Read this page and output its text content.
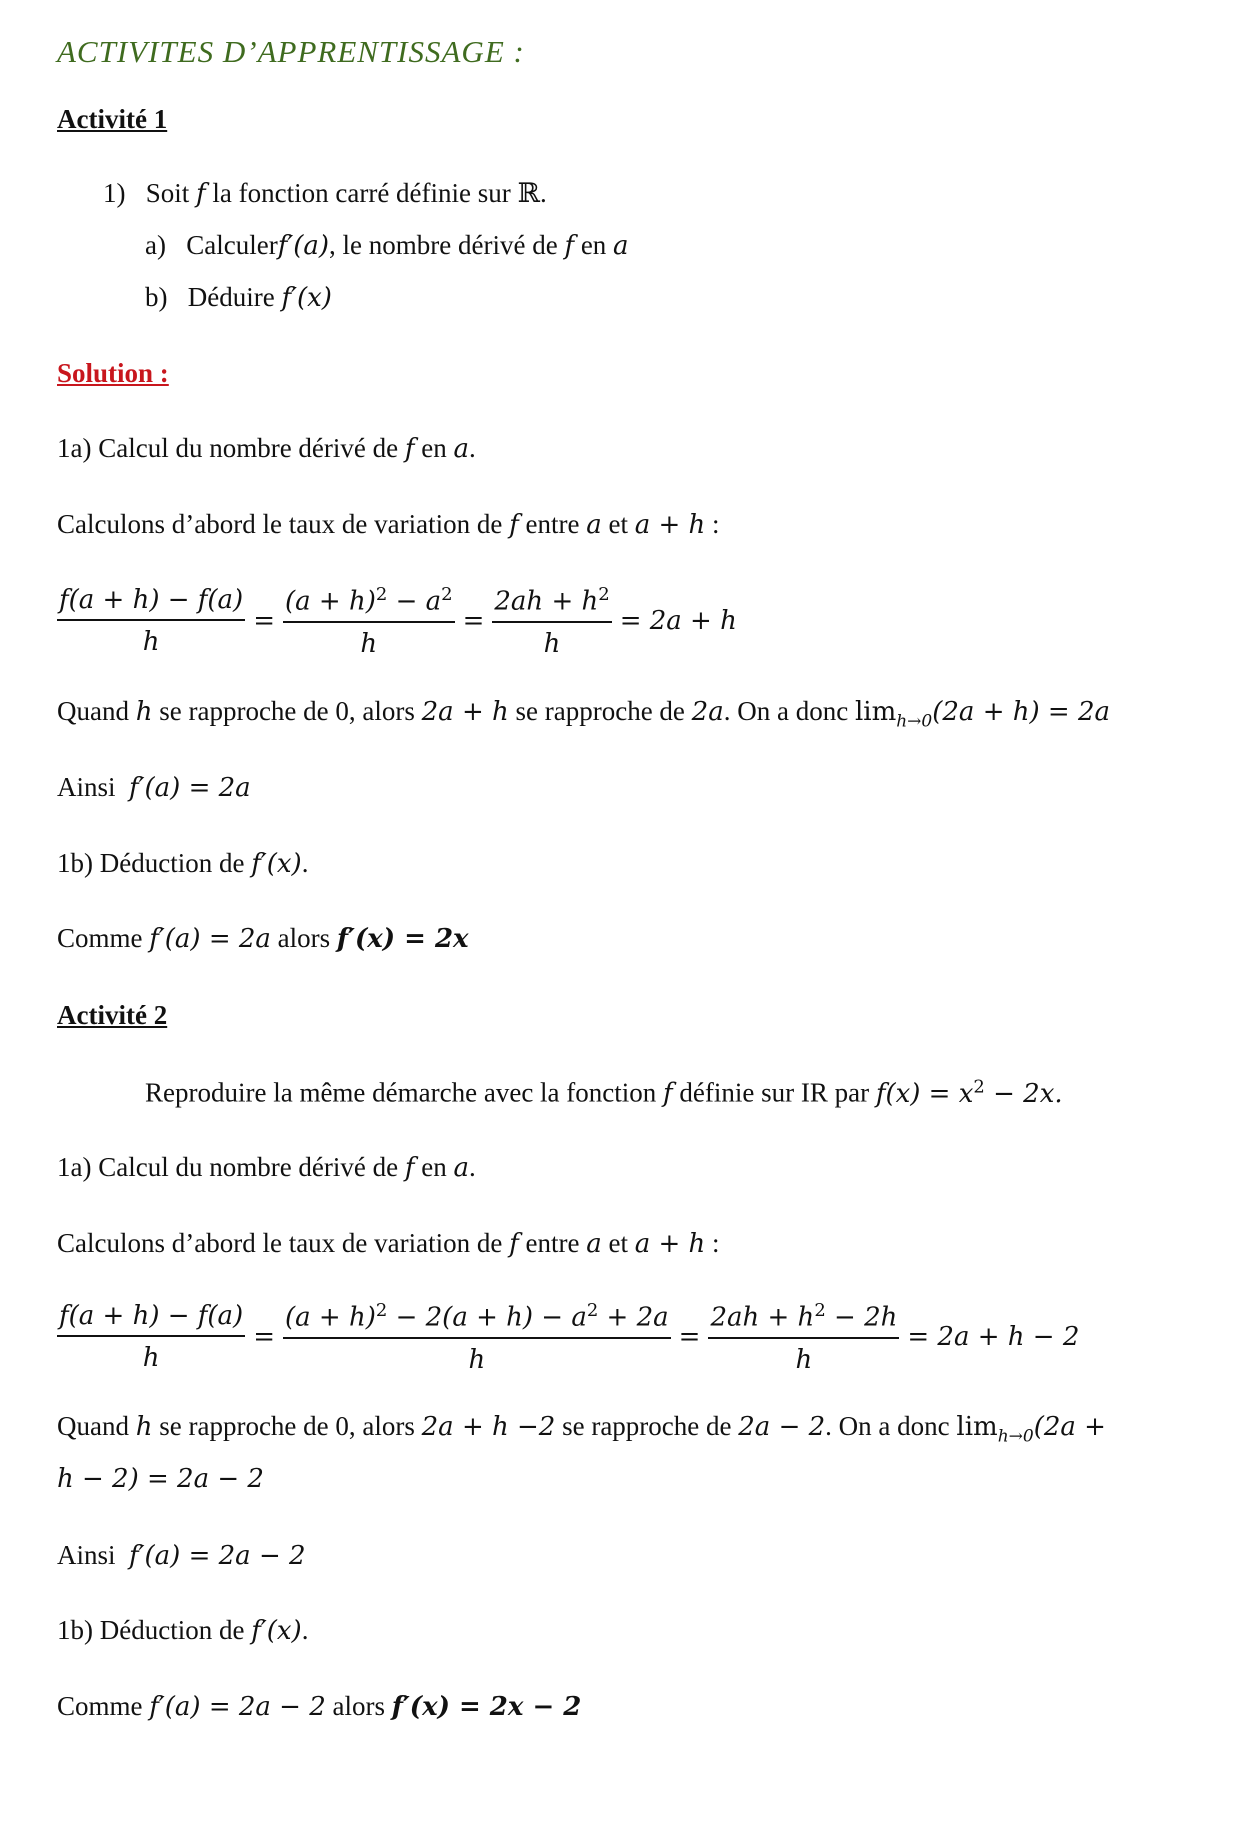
ACTIVITES D’APPRENTISSAGE :
Activité 1
1) Soit f la fonction carré définie sur ℝ.
a) Calculerf′(a), le nombre dérivé de f en a
b) Déduire f′(x)
Solution :
1a) Calcul du nombre dérivé de f en a.
Calculons d’abord le taux de variation de f entre a et a + h :
$\frac{f(a + h) - f(a)}{h} = \frac{(a + h)^2 - a^2}{h} = \frac{2ah + h^2}{h} = 2a + h$
Quand h se rapproche de 0, alors 2a + h se rapproche de 2a. On a donc $\lim_{h\to 0}(2a + h) = 2a$
Ainsi f′(a) = 2a
1b) Déduction de f′(x).
Comme f′(a) = 2a alors f′(x) = 2x
Activité 2
Reproduire la même démarche avec la fonction f définie sur IR par $f(x) = x^2 - 2x$.
1a) Calcul du nombre dérivé de f en a.
Calculons d’abord le taux de variation de f entre a et a + h :
$\frac{f(a + h) - f(a)}{h} = \frac{(a + h)^2 - 2(a + h) - a^2 + 2a}{h} = \frac{2ah + h^2 - 2h}{h} = 2a + h - 2$
Quand h se rapproche de 0, alors 2a + h −2 se rapproche de 2a − 2. On a donc $\lim_{h\to 0}(2a$ +
h − 2) = 2a − 2
Ainsi f′(a) = 2a − 2
1b) Déduction de f′(x).
Comme f′(a) = 2a − 2 alors f′(x) = 2x − 2
